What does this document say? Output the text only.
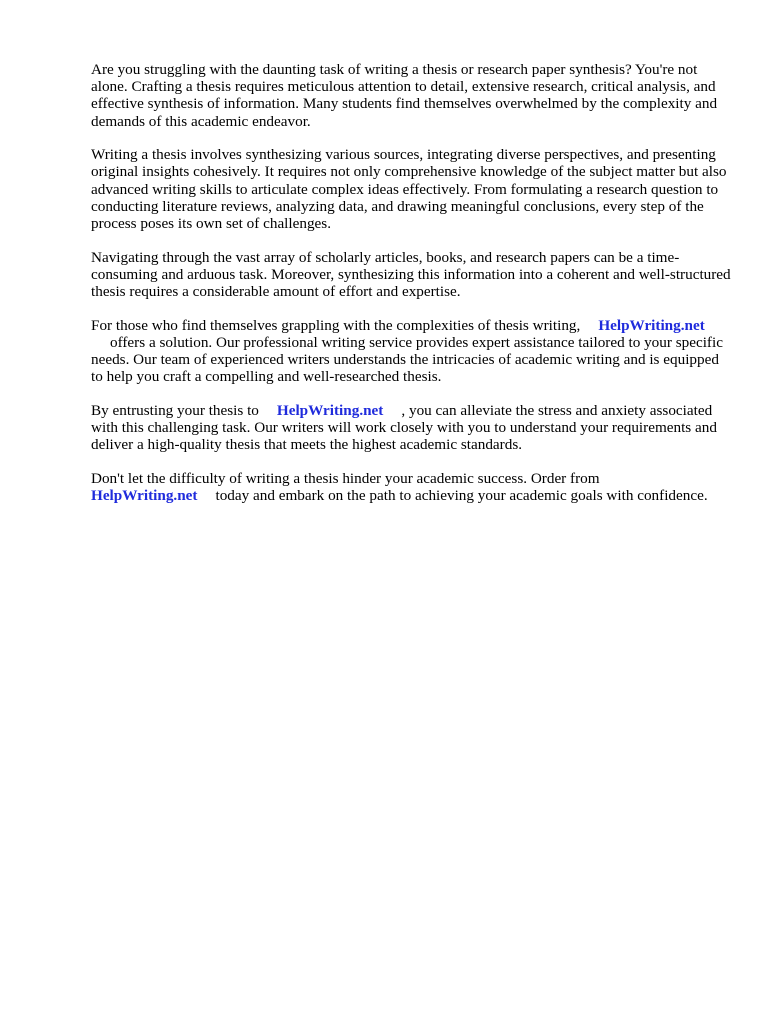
Are you struggling with the daunting task of writing a thesis or research paper synthesis? You're not alone. Crafting a thesis requires meticulous attention to detail, extensive research, critical analysis, and effective synthesis of information. Many students find themselves overwhelmed by the complexity and demands of this academic endeavor.

Writing a thesis involves synthesizing various sources, integrating diverse perspectives, and presenting original insights cohesively. It requires not only comprehensive knowledge of the subject matter but also advanced writing skills to articulate complex ideas effectively. From formulating a research question to conducting literature reviews, analyzing data, and drawing meaningful conclusions, every step of the process poses its own set of challenges.

Navigating through the vast array of scholarly articles, books, and research papers can be a time-consuming and arduous task. Moreover, synthesizing this information into a coherent and well-structured thesis requires a considerable amount of effort and expertise.

For those who find themselves grappling with the complexities of thesis writing, HelpWriting.net
offers a solution. Our professional writing service provides expert assistance tailored to your specific needs. Our team of experienced writers understands the intricacies of academic writing and is equipped to help you craft a compelling and well-researched thesis.

By entrusting your thesis to HelpWriting.net , you can alleviate the stress and anxiety associated with this challenging task. Our writers will work closely with you to understand your requirements and deliver a high-quality thesis that meets the highest academic standards.

Don't let the difficulty of writing a thesis hinder your academic success. Order from
HelpWriting.net today and embark on the path to achieving your academic goals with confidence.
